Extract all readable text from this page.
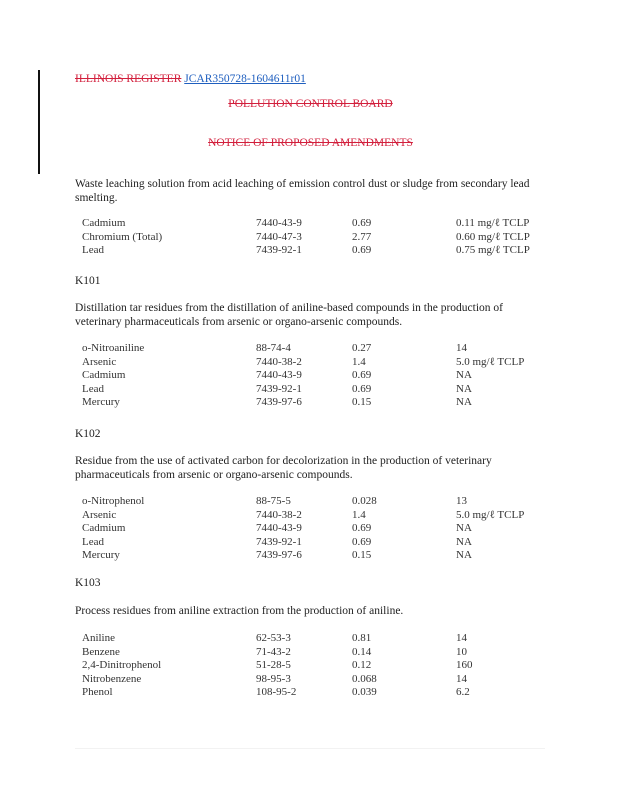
ILLINOIS REGISTER JCAR350728-1604611r01
POLLUTION CONTROL BOARD
NOTICE OF PROPOSED AMENDMENTS
Waste leaching solution from acid leaching of emission control dust or sludge from secondary lead smelting.
Cadmium	7440-43-9	0.69	0.11 mg/ℓ TCLP
Chromium (Total)	7440-47-3	2.77	0.60 mg/ℓ TCLP
Lead	7439-92-1	0.69	0.75 mg/ℓ TCLP
K101
Distillation tar residues from the distillation of aniline-based compounds in the production of veterinary pharmaceuticals from arsenic or organo-arsenic compounds.
o-Nitroaniline	88-74-4	0.27	14
Arsenic	7440-38-2	1.4	5.0 mg/ℓ TCLP
Cadmium	7440-43-9	0.69	NA
Lead	7439-92-1	0.69	NA
Mercury	7439-97-6	0.15	NA
K102
Residue from the use of activated carbon for decolorization in the production of veterinary pharmaceuticals from arsenic or organo-arsenic compounds.
o-Nitrophenol	88-75-5	0.028	13
Arsenic	7440-38-2	1.4	5.0 mg/ℓ TCLP
Cadmium	7440-43-9	0.69	NA
Lead	7439-92-1	0.69	NA
Mercury	7439-97-6	0.15	NA
K103
Process residues from aniline extraction from the production of aniline.
Aniline	62-53-3	0.81	14
Benzene	71-43-2	0.14	10
2,4-Dinitrophenol	51-28-5	0.12	160
Nitrobenzene	98-95-3	0.068	14
Phenol	108-95-2	0.039	6.2
